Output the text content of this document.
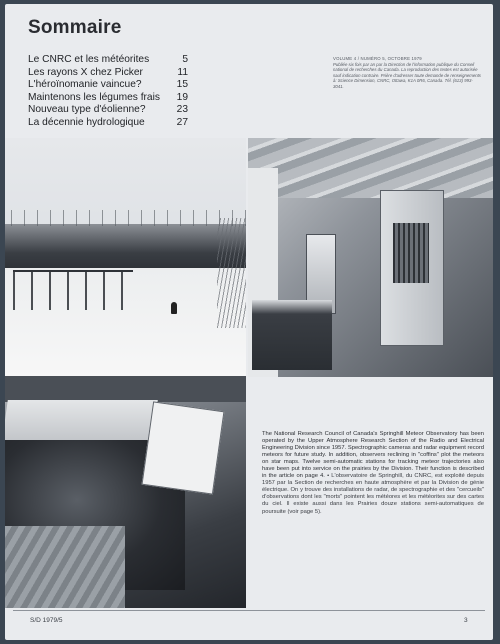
Sommaire
Le CNRC et les météorites	5
Les rayons X chez Picker	11
L'héroïnomanie vaincue?	15
Maintenons les légumes frais	19
Nouveau type d'éolienne?	23
La décennie hydrologique	27
VOLUME 4 / NUMÉRO 5, OCTOBRE 1979
Publiée six fois par an par la Direction de l'information publique du Conseil national de recherches du Canada. La reproduction des textes est autorisée sauf indication contraire. Prière d'adresser toute demande de renseignements à: Science Dimension, CNRC, Ottawa, K1A 0R6, Canada. Tél. (613) 993-3041.
The National Research Council of Canada's Springhill Meteor Observatory has been operated by the Upper Atmosphere Research Section of the Radio and Electrical Engineering Division since 1957. Spectrographic cameras and radar equipment record meteors for future study. In addition, observers reclining in "coffins" plot the meteors on star maps. Twelve semi-automatic stations for tracking meteor trajectories also have been put into service on the prairies by the Division. Their function is described in the article on page 4. • L'observatoire de Springhill, du CNRC, est exploité depuis 1957 par la Section de recherches en haute atmosphère et par la Division de génie électrique. On y trouve des installations de radar, de spectrographie et des "cercueils" d'observations dont les "morts" pointent les météores et les météorites sur des cartes du ciel. Il existe aussi dans les Prairies douze stations semi-automatiques de poursuite (voir page 5).
S/D 1979/5	3
